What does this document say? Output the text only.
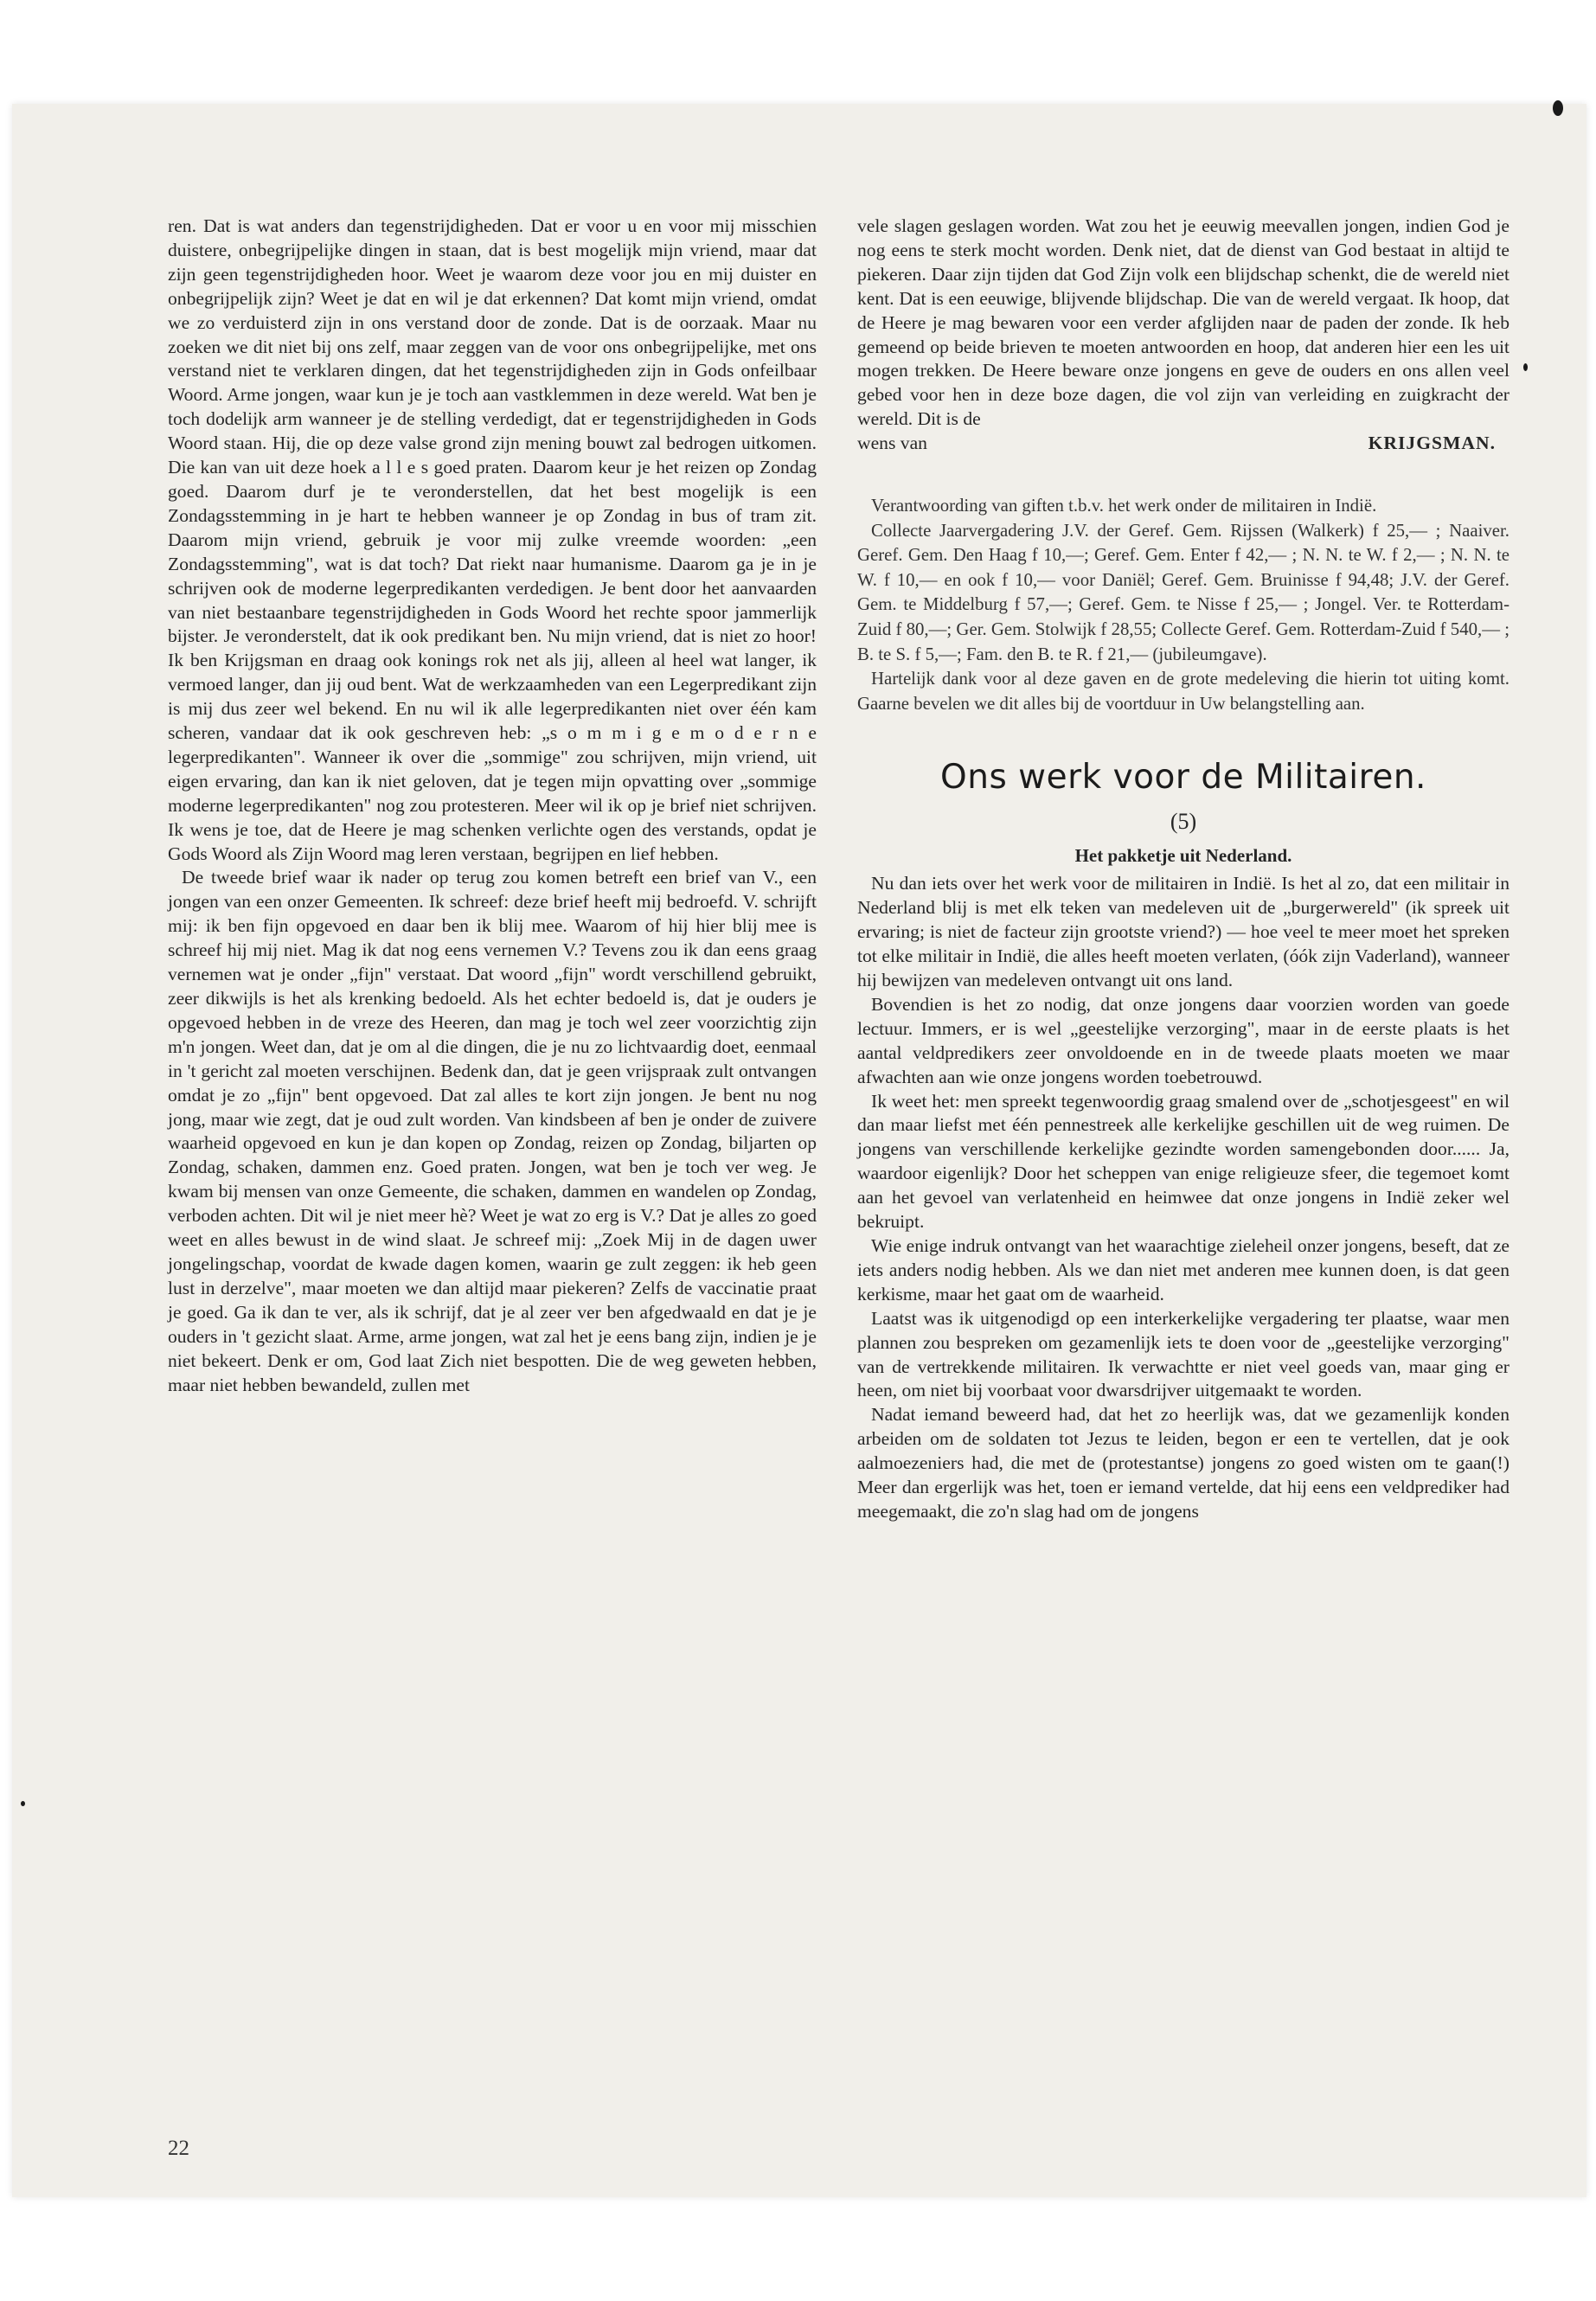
ren. Dat is wat anders dan tegenstrijdigheden. Dat er voor u en voor mij misschien duistere, onbegrijpelijke dingen in staan, dat is best mogelijk mijn vriend, maar dat zijn geen tegenstrijdigheden hoor. Weet je waarom deze voor jou en mij duister en onbegrijpelijk zijn? Weet je dat en wil je dat erkennen? Dat komt mijn vriend, omdat we zo verduisterd zijn in ons verstand door de zonde. Dat is de oorzaak. Maar nu zoeken we dit niet bij ons zelf, maar zeggen van de voor ons onbegrijpelijke, met ons verstand niet te verklaren dingen, dat het tegenstrijdigheden zijn in Gods onfeilbaar Woord. Arme jongen, waar kun je je toch aan vastklemmen in deze wereld. Wat ben je toch dodelijk arm wanneer je de stelling verdedigt, dat er tegenstrijdigheden in Gods Woord staan. Hij, die op deze valse grond zijn mening bouwt zal bedrogen uitkomen. Die kan van uit deze hoek a l l e s goed praten. Daarom keur je het reizen op Zondag goed. Daarom durf je te veronderstellen, dat het best mogelijk is een Zondagsstemming in je hart te hebben wanneer je op Zondag in bus of tram zit. Daarom mijn vriend, gebruik je voor mij zulke vreemde woorden: „een Zondagsstemming", wat is dat toch? Dat riekt naar humanisme. Daarom ga je in je schrijven ook de moderne legerpredikanten verdedigen. Je bent door het aanvaarden van niet bestaanbare tegenstrijdigheden in Gods Woord het rechte spoor jammerlijk bijster. Je veronderstelt, dat ik ook predikant ben. Nu mijn vriend, dat is niet zo hoor! Ik ben Krijgsman en draag ook konings rok net als jij, alleen al heel wat langer, ik vermoed langer, dan jij oud bent. Wat de werkzaamheden van een Legerpredikant zijn is mij dus zeer wel bekend. En nu wil ik alle legerpredikanten niet over één kam scheren, vandaar dat ik ook geschreven heb: „s o m m i g e m o d e r n e legerpredikanten". Wanneer ik over die „sommige" zou schrijven, mijn vriend, uit eigen ervaring, dan kan ik niet geloven, dat je tegen mijn opvatting over „sommige moderne legerpredikanten" nog zou protesteren. Meer wil ik op je brief niet schrijven. Ik wens je toe, dat de Heere je mag schenken verlichte ogen des verstands, opdat je Gods Woord als Zijn Woord mag leren verstaan, begrijpen en lief hebben.

De tweede brief waar ik nader op terug zou komen betreft een brief van V., een jongen van een onzer Gemeenten. Ik schreef: deze brief heeft mij bedroefd. V. schrijft mij: ik ben fijn opgevoed en daar ben ik blij mee. Waarom of hij hier blij mee is schreef hij mij niet. Mag ik dat nog eens vernemen V.? Tevens zou ik dan eens graag vernemen wat je onder „fijn" verstaat. Dat woord „fijn" wordt verschillend gebruikt, zeer dikwijls is het als krenking bedoeld. Als het echter bedoeld is, dat je ouders je opgevoed hebben in de vreze des Heeren, dan mag je toch wel zeer voorzichtig zijn m'n jongen. Weet dan, dat je om al die dingen, die je nu zo lichtvaardig doet, eenmaal in 't gericht zal moeten verschijnen. Bedenk dan, dat je geen vrijspraak zult ontvangen omdat je zo „fijn" bent opgevoed. Dat zal alles te kort zijn jongen. Je bent nu nog jong, maar wie zegt, dat je oud zult worden. Van kindsbeen af ben je onder de zuivere waarheid opgevoed en kun je dan kopen op Zondag, reizen op Zondag, biljarten op Zondag, schaken, dammen enz. Goed praten. Jongen, wat ben je toch ver weg. Je kwam bij mensen van onze Gemeente, die schaken, dammen en wandelen op Zondag, verboden achten. Dit wil je niet meer hè? Weet je wat zo erg is V.? Dat je alles zo goed weet en alles bewust in de wind slaat. Je schreef mij: „Zoek Mij in de dagen uwer jongelingschap, voordat de kwade dagen komen, waarin ge zult zeggen: ik heb geen lust in derzelve", maar moeten we dan altijd maar piekeren? Zelfs de vaccinatie praat je goed. Ga ik dan te ver, als ik schrijf, dat je al zeer ver ben afgedwaald en dat je je ouders in 't gezicht slaat. Arme, arme jongen, wat zal het je eens bang zijn, indien je je niet bekeert. Denk er om, God laat Zich niet bespotten. Die de weg geweten hebben, maar niet hebben bewandeld, zullen met

vele slagen geslagen worden. Wat zou het je eeuwig meevallen jongen, indien God je nog eens te sterk mocht worden. Denk niet, dat de dienst van God bestaat in altijd te piekeren. Daar zijn tijden dat God Zijn volk een blijdschap schenkt, die de wereld niet kent. Dat is een eeuwige, blijvende blijdschap. Die van de wereld vergaat. Ik hoop, dat de Heere je mag bewaren voor een verder afglijden naar de paden der zonde. Ik heb gemeend op beide brieven te moeten antwoorden en hoop, dat anderen hier een les uit mogen trekken. De Heere beware onze jongens en geve de ouders en ons allen veel gebed voor hen in deze boze dagen, die vol zijn van verleiding en zuigkracht der wereld. Dit is de

wens van	KRIJGSMAN.

Verantwoording van giften t.b.v. het werk onder de militairen in Indië.

Collecte Jaarvergadering J.V. der Geref. Gem. Rijssen (Walkerk) f 25,— ; Naaiver. Geref. Gem. Den Haag f 10,—; Geref. Gem. Enter f 42,— ; N. N. te W. f 2,— ; N. N. te W. f 10,— en ook f 10,— voor Daniël; Geref. Gem. Bruinisse f 94,48; J.V. der Geref. Gem. te Middelburg f 57,—; Geref. Gem. te Nisse f 25,— ; Jongel. Ver. te Rotterdam-Zuid f 80,—; Ger. Gem. Stolwijk f 28,55; Collecte Geref. Gem. Rotterdam-Zuid f 540,— ; B. te S. f 5,—; Fam. den B. te R. f 21,— (jubileumgave).

Hartelijk dank voor al deze gaven en de grote medeleving die hierin tot uiting komt. Gaarne bevelen we dit alles bij de voortduur in Uw belangstelling aan.

Ons werk voor de Militairen.
(5)
Het pakketje uit Nederland.

Nu dan iets over het werk voor de militairen in Indië. Is het al zo, dat een militair in Nederland blij is met elk teken van medeleven uit de „burgerwereld" (ik spreek uit ervaring; is niet de facteur zijn grootste vriend?) — hoe veel te meer moet het spreken tot elke militair in Indië, die alles heeft moeten verlaten, (óók zijn Vaderland), wanneer hij bewijzen van medeleven ontvangt uit ons land.

Bovendien is het zo nodig, dat onze jongens daar voorzien worden van goede lectuur. Immers, er is wel „geestelijke verzorging", maar in de eerste plaats is het aantal veldpredikers zeer onvoldoende en in de tweede plaats moeten we maar afwachten aan wie onze jongens worden toebetrouwd.

Ik weet het: men spreekt tegenwoordig graag smalend over de „schotjesgeest" en wil dan maar liefst met één pennestreek alle kerkelijke geschillen uit de weg ruimen. De jongens van verschillende kerkelijke gezindte worden samengebonden door...... Ja, waardoor eigenlijk? Door het scheppen van enige religieuze sfeer, die tegemoet komt aan het gevoel van verlatenheid en heimwee dat onze jongens in Indië zeker wel bekruipt.

Wie enige indruk ontvangt van het waarachtige zieleheil onzer jongens, beseft, dat ze iets anders nodig hebben. Als we dan niet met anderen mee kunnen doen, is dat geen kerkisme, maar het gaat om de waarheid.

Laatst was ik uitgenodigd op een interkerkelijke vergadering ter plaatse, waar men plannen zou bespreken om gezamenlijk iets te doen voor de „geestelijke verzorging" van de vertrekkende militairen. Ik verwachtte er niet veel goeds van, maar ging er heen, om niet bij voorbaat voor dwarsdrijver uitgemaakt te worden.

Nadat iemand beweerd had, dat het zo heerlijk was, dat we gezamenlijk konden arbeiden om de soldaten tot Jezus te leiden, begon er een te vertellen, dat je ook aalmoezeniers had, die met de (protestantse) jongens zo goed wisten om te gaan(!) Meer dan ergerlijk was het, toen er iemand vertelde, dat hij eens een veldprediker had meegemaakt, die zo'n slag had om de jongens

22
